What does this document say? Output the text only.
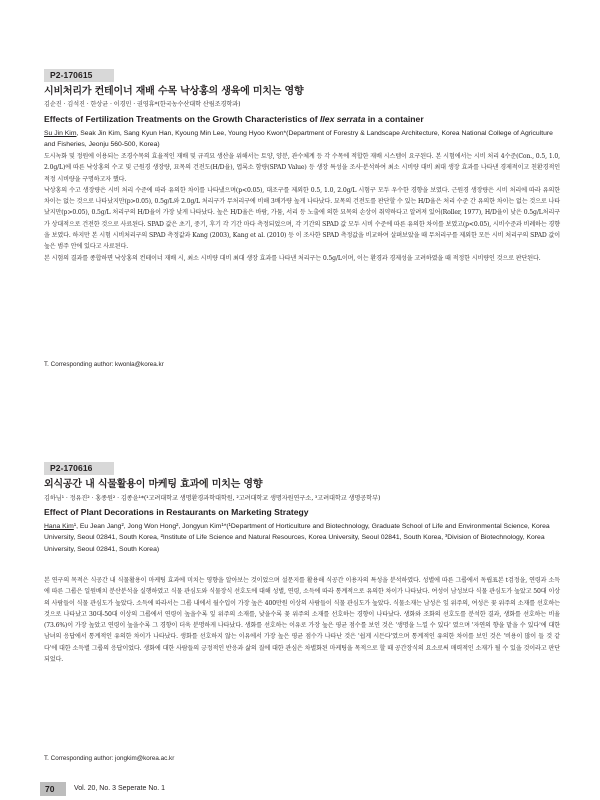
P2-170615
시비처리가 컨테이너 재배 수목 낙상홍의 생육에 미치는 영향
김순진 · 김석진 · 한상균 · 이경민 · 권영휴*(한국농수산대학 산림조경학과)
Effects of Fertilization Treatments on the Growth Characteristics of Ilex serrata in a container
Su Jin Kim, Seak Jin Kim, Sang Kyun Han, Kyoung Min Lee, Young Hyoo Kwon*(Department of Forestry & Landscape Architecture, Korea National College of Agriculture and Fisheries, Jeonju 560-500, Korea)

도시녹화 및 정원에 이용되는 조경수목의 효율적인 재배 및 규격묘 생산을 위해서는 토양, 양분, 관수체계 등 각 수목에 적합한 재배 시스템이 요구된다. 본 시험에서는 시비 처리 4수준(Con., 0.5, 1.0, 2.0g/L)에 따른 낙상홍의 수고 및 근원경 생장량, 묘목의 건전도(H/D율), 엽록소 함량(SPAD Value) 등 생장 특성을 조사·분석하여 최소 시비량 대비 최대 생장 효과를 나타낸 경제적이고 친환경적인 적정 시비량을 구명하고자 했다.

낙상홍의 수고 생장량은 시비 처리 수준에 따라 유의한 차이를 나타냈으며(p<0.05), 대조구를 제외한 0.5, 1.0, 2.0g/L 시험구 모두 우수한 경향을 보였다. 근원경 생장량은 시비 처리에 따라 유의한 차이는 없는 것으로 나타났지만(p>0.05), 0.5g/L와 2.0g/L 처리구가 무처리구에 비해 3배가량 높게 나타났다. 묘목의 건전도를 판단할 수 있는 H/D율은 처리 수준 간 유의한 차이는 없는 것으로 나타났지만(p>0.05), 0.5g/L 처리구의 H/D율이 가장 낮게 나타났다. 높은 H/D율은 바람, 가뭄, 서리 등 노출에 의한 묘목의 손상이 취약하다고 알려져 있어(Roller, 1977), H/D율이 낮은 0.5g/L처리구가 상대적으로 건전한 것으로 사료된다. SPAD 값은 초기, 중기, 후기 각 기간 마다 측정되었으며, 각 기간의 SPAD 값 모두 시비 수준에 따른 유의한 차이를 보였고(p<0.05), 시비수준과 비례하는 경향을 보였다. 하지만 본 시험 시비처리구의 SPAD 측정값과 Kang (2003), Kang et al. (2010) 등 이 조사한 SPAD 측정값을 비교하여 살펴보았을 때 무처리구를 제외한 모든 시비 처리구의 SPAD 값이 높은 범주 안에 있다고 사료된다.

본 시험의 결과를 종합하면 낙상홍의 컨테이너 재배 시, 최소 시비량 대비 최대 생장 효과를 나타낸 처리구는 0.5g/L이며, 이는 환경과 경제성을 고려하였을 때 적정한 시비량인 것으로 판단된다.

T. Corresponding author: kwonla@korea.kr
P2-170616
외식공간 내 식물활용이 마케팅 효과에 미치는 영향
김하님¹ · 정유진² · 홍종원² · 김종윤¹*(¹고려대학교 생명환경과학대학원, ²고려대학교 생명자원연구소, ³고려대학교 생명공학부)
Effect of Plant Decorations in Restaurants on Marketing Strategy
Hana Kim¹, Eu Jean Jang², Jong Won Hong², Jongyun Kim¹*(¹Department of Horticulture and Biotechnology, Graduate School of Life and Environmental Science, Korea University, Seoul 02841, South Korea, ²Institute of Life Science and Natural Resources, Korea University, Seoul 02841, South Korea, ³Division of Biotechnology, Korea University, Seoul 02841, South Korea)

본 연구의 목적은 식공간 내 식물활용이 마케팅 효과에 미치는 영향을 알아보는 것이었으며 설문지를 활용해 식공간 이용자의 특성을 분석하였다. 성별에 따른 그룹에서 독립표본 t검정을, 연령과 소득에 따른 그룹은 일원배치 분산분석을 실행하였고 식물 관심도와 식물장식 선호도에 대해 성별, 연령, 소득에 따라 통계적으로 유의한 차이가 나타났다. 여성이 남성보다 식물 관심도가 높았고 50대 이상의 사람들이 식물 관심도가 높았다. 소득에 따라서는 그룹 내에서 월수입이 가장 높은 400만원 이상의 사람들이 식물 관심도가 높았다. 식물소재는 남성은 잎 위주의, 여성은 꽃 위주의 소재를 선호하는 것으로 나타났고 30대-50대 이상의 그룹에서 연령이 높을수록 잎 위주의 소재를, 낮을수록 꽃 위주의 소재를 선호하는 경향이 나타났다. 생화와 조화의 선호도를 분석한 결과, 생화를 선호하는 비율(73.6%)이 가장 높았고 연령이 높을수록 그 경향이 더욱 분명하게 나타났다. 생화를 선호하는 이유로 가장 높은 평균 점수를 보인 것은 '생명을 느낄 수 있다' 였으며 '자연의 향을 맡을 수 있다'에 대한 남녀의 응답에서 통계적인 유의한 차이가 나타났다. 생화를 선호하지 않는 이유에서 가장 높은 평균 점수가 나타난 것은 '쉽게 시든다'였으며 통계적인 유의한 차이를 보인 것은 '비용이 많이 들 것 같다'에 대한 소득별 그룹의 응답이었다. 생화에 대한 사람들의 긍정적인 반응과 삶의 질에 대한 관심은 차별화된 마케팅을 목적으로 할 때 공간장식의 요소로써 매력적인 소재가 될 수 있을 것이라고 판단되었다.

T. Corresponding author: jongkim@korea.ac.kr
70	Vol. 20, No. 3 Seperate No. 1
